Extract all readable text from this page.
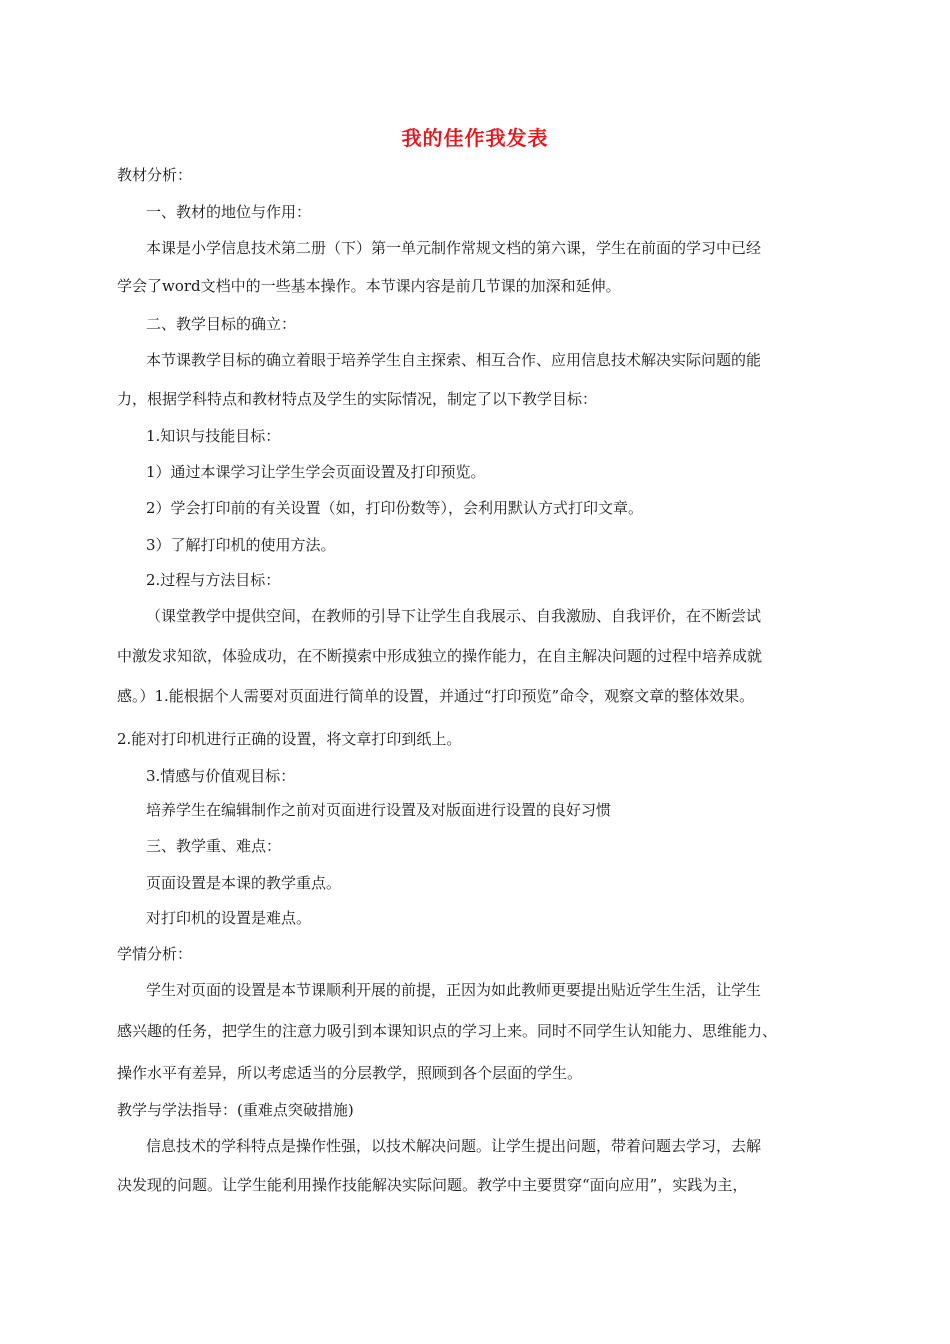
我的佳作我发表
教材分析：
一、教材的地位与作用：
本课是小学信息技术第二册（下）第一单元制作常规文档的第六课，学生在前面的学习中已经
学会了word文档中的一些基本操作。本节课内容是前几节课的加深和延伸。
二、教学目标的确立：
本节课教学目标的确立着眼于培养学生自主探索、相互合作、应用信息技术解决实际问题的能
力，根据学科特点和教材特点及学生的实际情况，制定了以下教学目标：
1.知识与技能目标：
1）通过本课学习让学生学会页面设置及打印预览。
2）学会打印前的有关设置（如，打印份数等），会利用默认方式打印文章。
3）了解打印机的使用方法。
2.过程与方法目标：
（课堂教学中提供空间，在教师的引导下让学生自我展示、自我激励、自我评价，在不断尝试
中激发求知欲，体验成功，在不断摸索中形成独立的操作能力，在自主解决问题的过程中培养成就
感。）1.能根据个人需要对页面进行简单的设置，并通过“打印预览”命令，观察文章的整体效果。
2.能对打印机进行正确的设置，将文章打印到纸上。
3.情感与价值观目标：
培养学生在编辑制作之前对页面进行设置及对版面进行设置的良好习惯
三、教学重、难点：
页面设置是本课的教学重点。
对打印机的设置是难点。
学情分析：
学生对页面的设置是本节课顺利开展的前提，正因为如此教师更要提出贴近学生生活，让学生
感兴趣的任务，把学生的注意力吸引到本课知识点的学习上来。同时不同学生认知能力、思维能力、
操作水平有差异，所以考虑适当的分层教学，照顾到各个层面的学生。
教学与学法指导：(重难点突破措施)
信息技术的学科特点是操作性强，以技术解决问题。让学生提出问题，带着问题去学习，去解
决发现的问题。让学生能利用操作技能解决实际问题。教学中主要贯穿“面向应用”，实践为主，
